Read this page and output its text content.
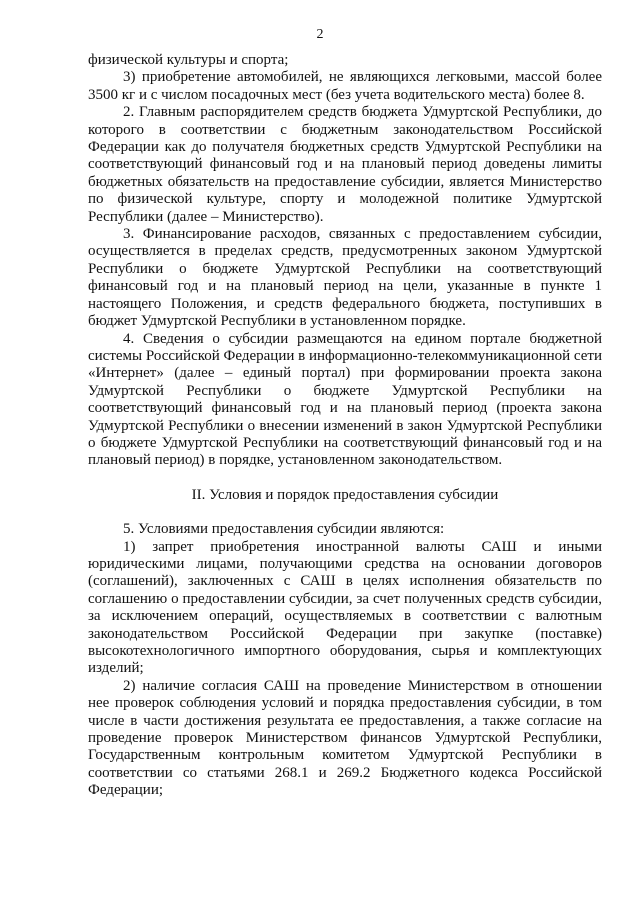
2

физической культуры и спорта;

3) приобретение автомобилей, не являющихся легковыми, массой более 3500 кг и с числом посадочных мест (без учета водительского места) более 8.

2. Главным распорядителем средств бюджета Удмуртской Республики, до которого в соответствии с бюджетным законодательством Российской Федерации как до получателя бюджетных средств Удмуртской Республики на соответствующий финансовый год и на плановый период доведены лимиты бюджетных обязательств на предоставление субсидии, является Министерство по физической культуре, спорту и молодежной политике Удмуртской Республики (далее – Министерство).

3. Финансирование расходов, связанных с предоставлением субсидии, осуществляется в пределах средств, предусмотренных законом Удмуртской Республики о бюджете Удмуртской Республики на соответствующий финансовый год и на плановый период на цели, указанные в пункте 1 настоящего Положения, и средств федерального бюджета, поступивших в бюджет Удмуртской Республики в установленном порядке.

4. Сведения о субсидии размещаются на едином портале бюджетной системы Российской Федерации в информационно-телекоммуникационной сети «Интернет» (далее – единый портал) при формировании проекта закона Удмуртской Республики о бюджете Удмуртской Республики на соответствующий финансовый год и на плановый период (проекта закона Удмуртской Республики о внесении изменений в закон Удмуртской Республики о бюджете Удмуртской Республики на соответствующий финансовый год и на плановый период) в порядке, установленном законодательством.

II. Условия и порядок предоставления субсидии

5. Условиями предоставления субсидии являются:

1) запрет приобретения иностранной валюты САШ и иными юридическими лицами, получающими средства на основании договоров (соглашений), заключенных с САШ в целях исполнения обязательств по соглашению о предоставлении субсидии, за счет полученных средств субсидии, за исключением операций, осуществляемых в соответствии с валютным законодательством Российской Федерации при закупке (поставке) высокотехнологичного импортного оборудования, сырья и комплектующих изделий;

2) наличие согласия САШ на проведение Министерством в отношении нее проверок соблюдения условий и порядка предоставления субсидии, в том числе в части достижения результата ее предоставления, а также согласие на проведение проверок Министерством финансов Удмуртской Республики, Государственным контрольным комитетом Удмуртской Республики в соответствии со статьями 268.1 и 269.2 Бюджетного кодекса Российской Федерации;
